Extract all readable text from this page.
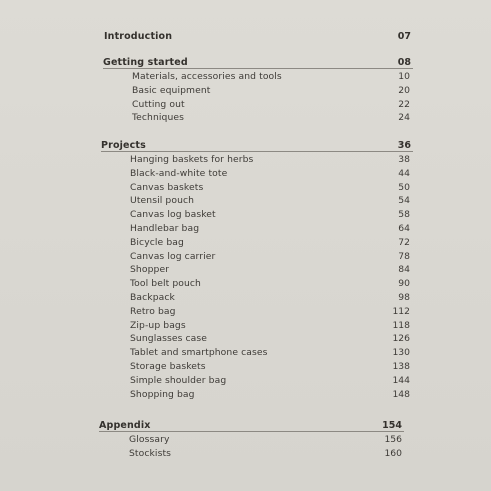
Introduction	07
Getting started	08
Materials, accessories and tools	10
Basic equipment	20
Cutting out	22
Techniques	24
Projects	36
Hanging baskets for herbs	38
Black-and-white tote	44
Canvas baskets	50
Utensil pouch	54
Canvas log basket	58
Handlebar bag	64
Bicycle bag	72
Canvas log carrier	78
Shopper	84
Tool belt pouch	90
Backpack	98
Retro bag	112
Zip-up bags	118
Sunglasses case	126
Tablet and smartphone cases	130
Storage baskets	138
Simple shoulder bag	144
Shopping bag	148
Appendix	154
Glossary	156
Stockists	160
